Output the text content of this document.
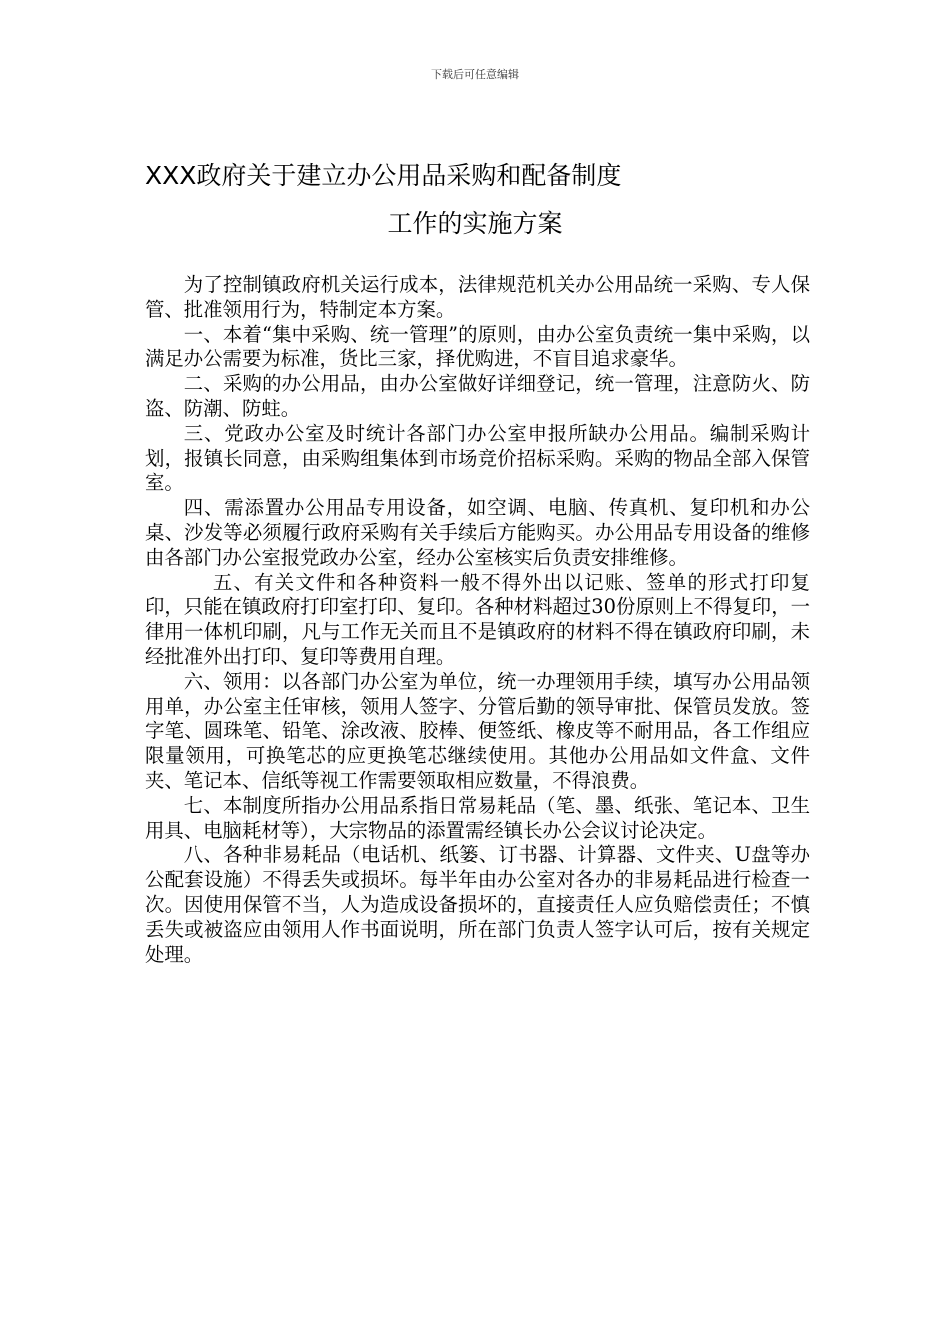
下载后可任意编辑
XXX政府关于建立办公用品采购和配备制度
工作的实施方案

为了控制镇政府机关运行成本，法律规范机关办公用品统一采购、专人保管、批准领用行为，特制定本方案。

一、本着“集中采购、统一管理”的原则，由办公室负责统一集中采购，以满足办公需要为标准，货比三家，择优购进，不盲目追求豪华。

二、采购的办公用品，由办公室做好详细登记，统一管理，注意防火、防盗、防潮、防蛀。

三、党政办公室及时统计各部门办公室申报所缺办公用品。编制采购计划，报镇长同意，由采购组集体到市场竞价招标采购。采购的物品全部入保管室。

四、需添置办公用品专用设备，如空调、电脑、传真机、复印机和办公桌、沙发等必须履行政府采购有关手续后方能购买。办公用品专用设备的维修由各部门办公室报党政办公室，经办公室核实后负责安排维修。

五、有关文件和各种资料一般不得外出以记账、签单的形式打印复印，只能在镇政府打印室打印、复印。各种材料超过30份原则上不得复印，一律用一体机印刷，凡与工作无关而且不是镇政府的材料不得在镇政府印刷，未经批准外出打印、复印等费用自理。

六、领用：以各部门办公室为单位，统一办理领用手续，填写办公用品领用单，办公室主任审核，领用人签字、分管后勤的领导审批、保管员发放。签字笔、圆珠笔、铅笔、涂改液、胶棒、便签纸、橡皮等不耐用品，各工作组应限量领用，可换笔芯的应更换笔芯继续使用。其他办公用品如文件盒、文件夹、笔记本、信纸等视工作需要领取相应数量，不得浪费。

七、本制度所指办公用品系指日常易耗品（笔、墨、纸张、笔记本、卫生用具、电脑耗材等），大宗物品的添置需经镇长办公会议讨论决定。

八、各种非易耗品（电话机、纸篓、订书器、计算器、文件夹、U盘等办公配套设施）不得丢失或损坏。每半年由办公室对各办的非易耗品进行检查一次。因使用保管不当，人为造成设备损坏的，直接责任人应负赔偿责任；不慎丢失或被盗应由领用人作书面说明，所在部门负责人签字认可后，按有关规定处理。
